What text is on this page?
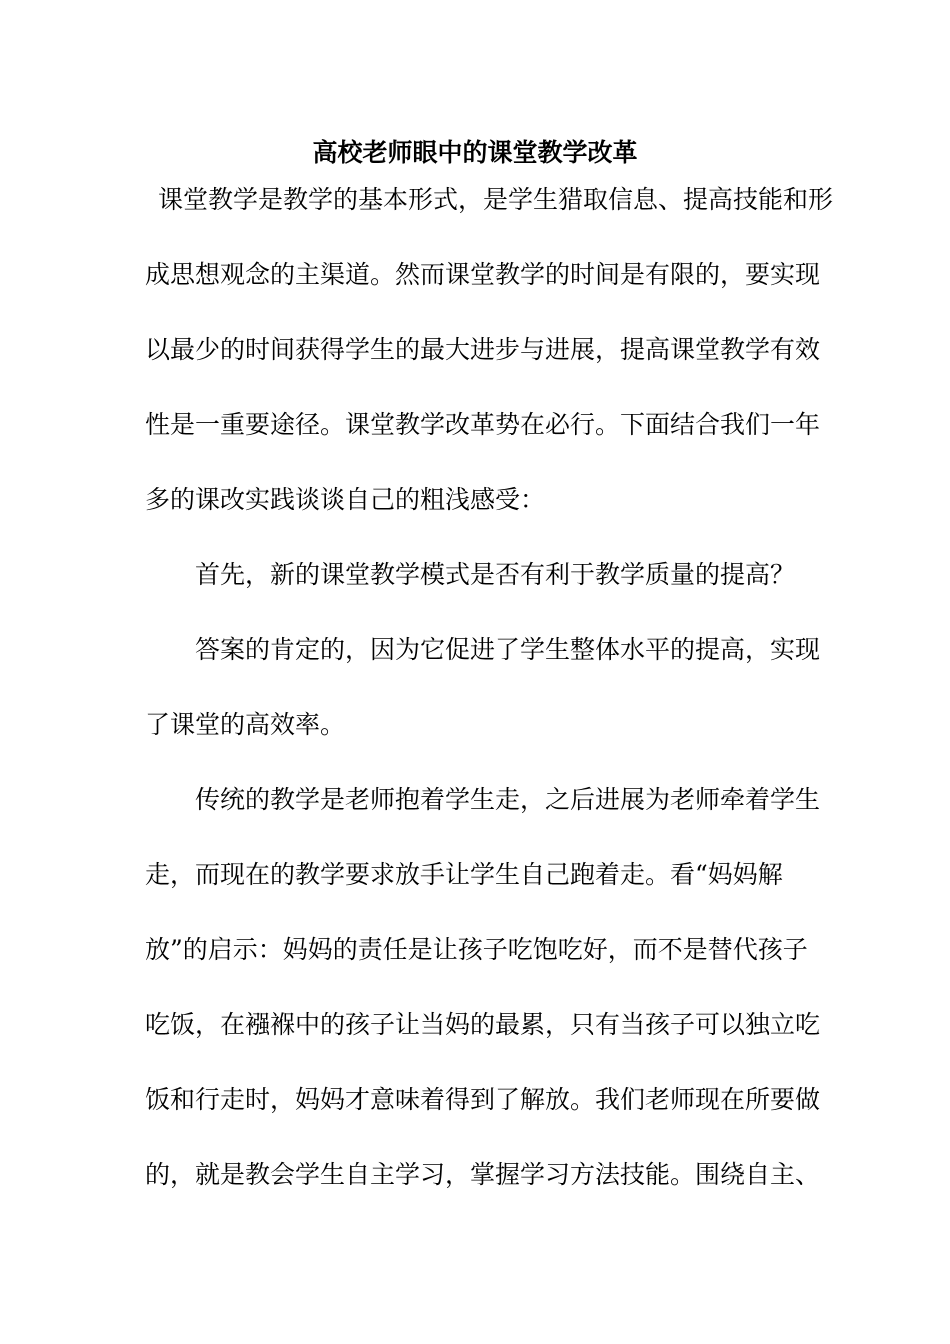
高校老师眼中的课堂教学改革
课堂教学是教学的基本形式，是学生猎取信息、提高技能和形
成思想观念的主渠道。然而课堂教学的时间是有限的，要实现
以最少的时间获得学生的最大进步与进展，提高课堂教学有效
性是一重要途径。课堂教学改革势在必行。下面结合我们一年
多的课改实践谈谈自己的粗浅感受：
首先，新的课堂教学模式是否有利于教学质量的提高？
答案的肯定的，因为它促进了学生整体水平的提高，实现
了课堂的高效率。
传统的教学是老师抱着学生走，之后进展为老师牵着学生
走，而现在的教学要求放手让学生自己跑着走。看“妈妈解
放”的启示：妈妈的责任是让孩子吃饱吃好，而不是替代孩子
吃饭，在襁褓中的孩子让当妈的最累，只有当孩子可以独立吃
饭和行走时，妈妈才意味着得到了解放。我们老师现在所要做
的，就是教会学生自主学习，掌握学习方法技能。围绕自主、
